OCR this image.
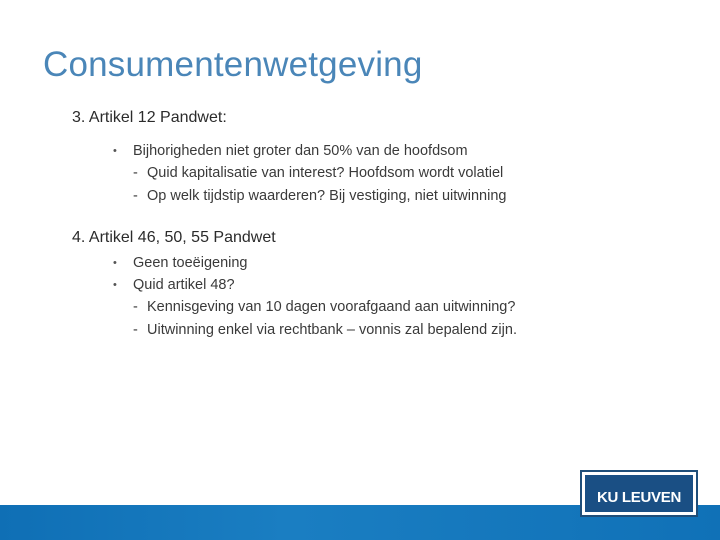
Consumentenwetgeving
3. Artikel 12 Pandwet:
• Bijhorigheden niet groter dan 50% van de hoofdsom
- Quid kapitalisatie van interest? Hoofdsom wordt volatiel
- Op welk tijdstip waarderen? Bij vestiging, niet uitwinning
4. Artikel 46, 50, 55 Pandwet
• Geen toeëigening
• Quid artikel 48?
- Kennisgeving van 10 dagen voorafgaand aan uitwinning?
- Uitwinning enkel via rechtbank – vonnis zal bepalend zijn.
KU LEUVEN
